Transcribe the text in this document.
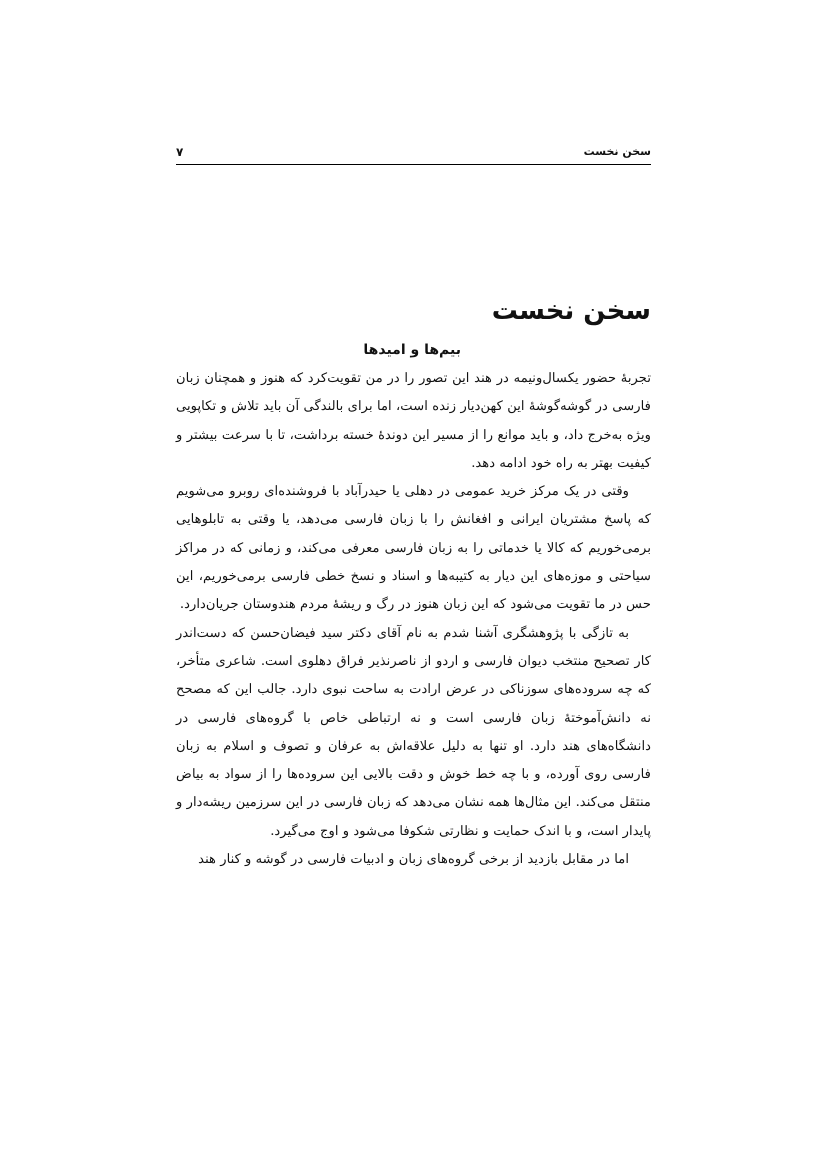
سخن نخست
۷
سخن نخست
بیم‌ها و امیدها

تجربهٔ حضور یکسال‌ونیمه در هند این تصور را در من تقویت‌کرد که هنوز و همچنان زبان فارسی در گوشه‌گوشهٔ این کهن‌دیار زنده است، اما برای بالندگی آن باید تلاش و تکاپویی ویژه به‌خرج داد، و باید موانع را از مسیر این دوندهٔ خسته برداشت، تا با سرعت بیشتر و کیفیت بهتر به راه خود ادامه دهد.

وقتی در یک مرکز خرید عمومی در دهلی یا حیدرآباد با فروشنده‌ای روبرو می‌شویم که پاسخ مشتریان ایرانی و افغانش را با زبان فارسی می‌دهد، یا وقتی به تابلوهایی برمی‌خوریم که کالا یا خدماتی را به زبان فارسی معرفی می‌کند، و زمانی که در مراکز سیاحتی و موزه‌های این دیار به کتیبه‌ها و اسناد و نسخ خطی فارسی برمی‌خوریم، این حس در ما تقویت می‌شود که این زبان هنوز در رگ و ریشهٔ مردم هندوستان جریان‌دارد.

به تازگی با پژوهشگری آشنا شدم به نام آقای دکتر سید فیضان‌حسن که دست‌اندر کار تصحیح منتخب دیوان فارسی و اردو از ناصرنذیر فراق دهلوی است. شاعری متأخر، که چه سروده‌های سوزناکی در عرض ارادت به ساحت نبوی دارد. جالب این که مصحح نه دانش‌آموختهٔ زبان فارسی است و نه ارتباطی خاص با گروه‌های فارسی در دانشگاه‌های هند دارد. او تنها به دلیل علاقه‌اش به عرفان و تصوف و اسلام به زبان فارسی روی آورده، و با چه خط خوش و دقت بالایی این سروده‌ها را از سواد به بیاض منتقل می‌کند. این مثال‌ها همه نشان می‌دهد که زبان فارسی در این سرزمین ریشه‌دار و پایدار است، و با اندک حمایت و نظارتی شکوفا می‌شود و اوج می‌گیرد.

اما در مقابل بازدید از برخی گروه‌های زبان و ادبیات فارسی در گوشه و کنار هند
